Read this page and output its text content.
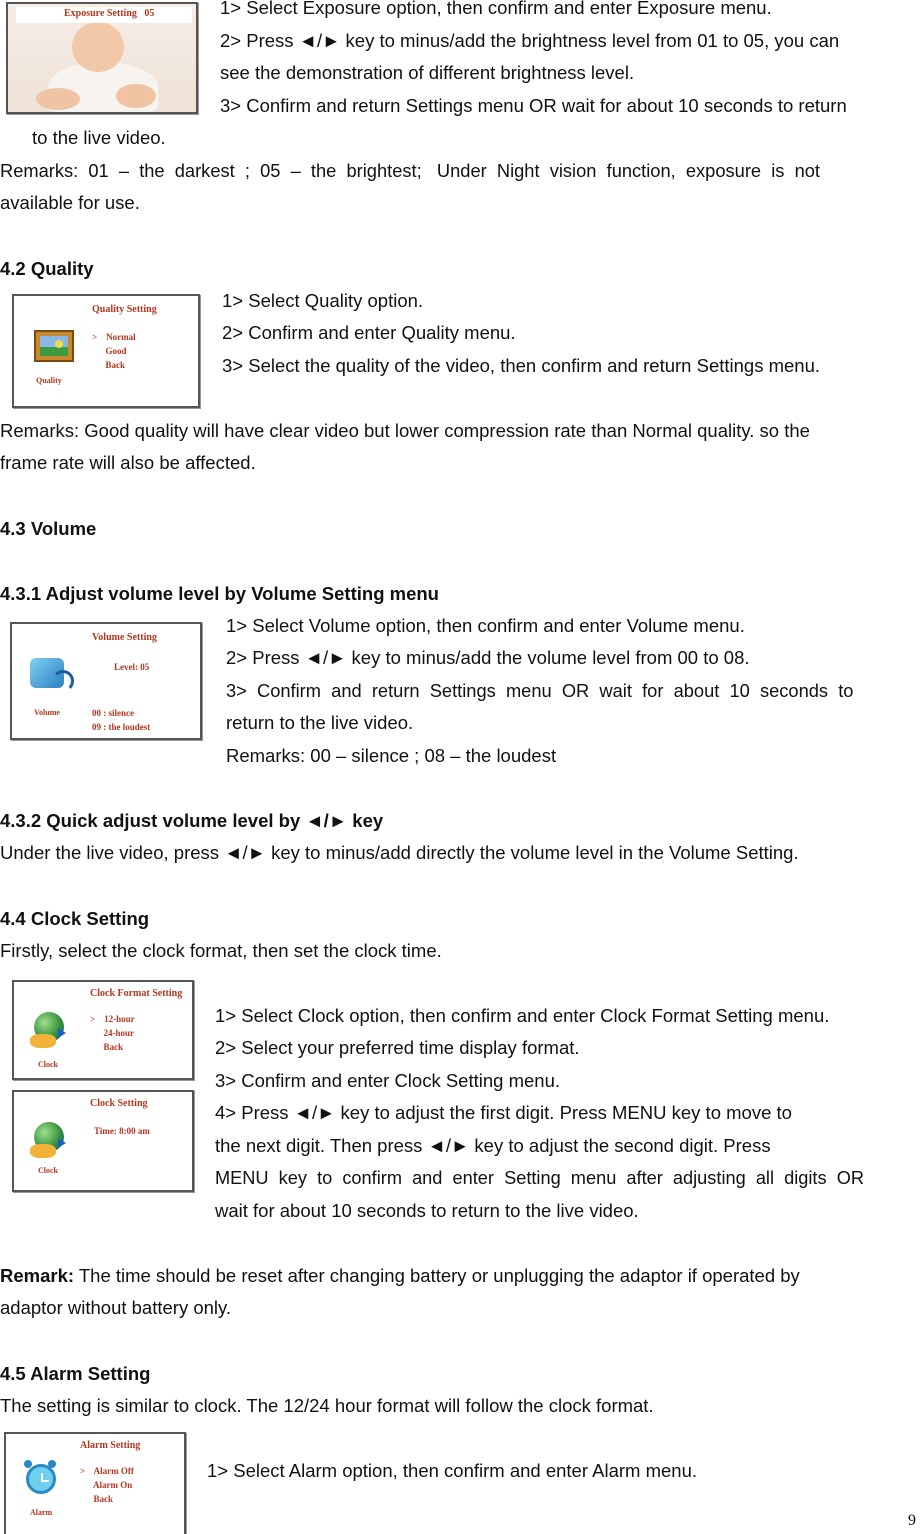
Exposure Setting   05	1> Select Exposure option, then confirm and enter Exposure menu.
2> Press ◄/► key to minus/add the brightness level from 01 to 05, you can
see the demonstration of different brightness level.
3> Confirm and return Settings menu OR wait for about 10 seconds to return
to the live video.
Remarks:  01  –  the  darkest  ;  05  –  the  brightest;   Under  Night  vision  function,  exposure  is  not
available for use.
4.2 Quality
Quality Setting
>    Normal
Good
Back
Quality
1> Select Quality option.
2> Confirm and enter Quality menu.
3> Select the quality of the video, then confirm and return Settings menu.
Remarks: Good quality will have clear video but lower compression rate than Normal quality. so the
frame rate will also be affected.
4.3 Volume
4.3.1 Adjust volume level by Volume Setting menu
Volume Setting
Level: 05
00 : silence
09 : the loudest
Volume
1> Select Volume option, then confirm and enter Volume menu.
2> Press ◄/► key to minus/add the volume level from 00 to 08.
3>  Confirm  and  return  Settings  menu  OR  wait  for  about  10  seconds  to
return to the live video.
Remarks: 00 – silence ; 08 – the loudest
4.3.2 Quick adjust volume level by ◄/► key
Under the live video, press ◄/► key to minus/add directly the volume level in the Volume Setting.
4.4 Clock Setting
Firstly, select the clock format, then set the clock time.
Clock Format Setting
>    12-hour
24-hour
Back
Clock
Clock Setting
Time: 8:00 am
Clock
1> Select Clock option, then confirm and enter Clock Format Setting menu.
2> Select your preferred time display format.
3> Confirm and enter Clock Setting menu.
4> Press ◄/► key to adjust the first digit. Press MENU key to move to
the next digit. Then press ◄/► key to adjust the second digit. Press
MENU  key  to  confirm  and  enter  Setting  menu  after  adjusting  all  digits  OR
wait for about 10 seconds to return to the live video.
Remark: The time should be reset after changing battery or unplugging the adaptor if operated by
adaptor without battery only.
4.5 Alarm Setting
The setting is similar to clock. The 12/24 hour format will follow the clock format.
Alarm Setting
>    Alarm Off
Alarm On
Back
Alarm
1> Select Alarm option, then confirm and enter Alarm menu.
9
